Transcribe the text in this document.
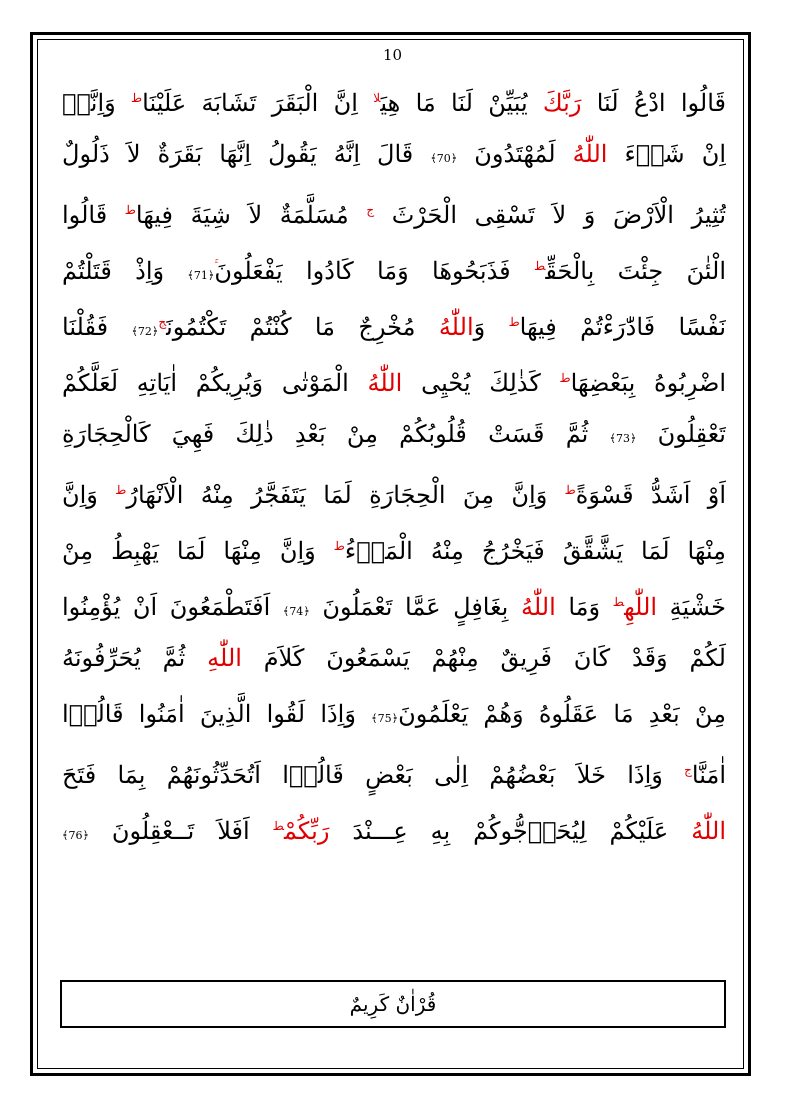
10
قَالُوا ادْعُ لَنَا رَبَّكَ يُبَيِّنْ لَنَا مَا هِيَ$^{لا}$ اِنَّ الْبَقَرَ تَشَابَهَ عَلَيْنَا$^ط$ وَاِنَّاۤ
اِنْ شَاۤءَ اللّٰهُ لَمُهْتَدُونَ ﴿70﴾ قَالَ اِنَّهُ يَقُولُ اِنَّهَا بَقَرَةٌ لاَ ذَلُولٌ
تُثِيرُ الْاَرْضَ وَ لاَ تَسْقِى الْحَرْثَ $^ج$ مُسَلَّمَةٌ لاَ شِيَةَ فِيهَا$^ط$ قَالُوا
الْئٰنَ جِئْتَ بِالْحَقِّ$^ط$ فَذَبَحُوهَا وَمَا كَادُوا يَفْعَلُونَ﴿71﴾ وَاِذْ قَتَلْتُمْ
نَفْسًا فَادّٰرَءْتُمْ فِيهَا$^ط$ وَاللّٰهُ مُخْرِجٌ مَا كُنْتُمْ تَكْتُمُونَ$^ج$﴿72﴾ فَقُلْنَا
اضْرِبُوهُ بِبَعْضِهَا$^ط$ كَذٰلِكَ يُحْيِى اللّٰهُ الْمَوْتٰى وَيُرِيكُمْ اٰيَاتِهِ لَعَلَّكُمْ
تَعْقِلُونَ ﴿73﴾ ثُمَّ قَسَتْ قُلُوبُكُمْ مِنْ بَعْدِ ذٰلِكَ فَهِيَ كَالْحِجَارَةِ
اَوْ اَشَدُّ قَسْوَةً$^ط$ وَاِنَّ مِنَ الْحِجَارَةِ لَمَا يَتَفَجَّرُ مِنْهُ الْاَنْهَارُ$^ط$ وَاِنَّ
مِنْهَا لَمَا يَشَّقَّقُ فَيَخْرُجُ مِنْهُ الْمَاۤءُ$^ط$ وَاِنَّ مِنْهَا لَمَا يَهْبِطُ مِنْ
خَشْيَةِ اللّٰهِ$^ط$ وَمَا اللّٰهُ بِغَافِلٍ عَمَّا تَعْمَلُونَ ﴿74﴾ اَفَتَطْمَعُونَ اَنْ يُؤْمِنُوا
لَكُمْ وَقَدْ كَانَ فَرِيقٌ مِنْهُمْ يَسْمَعُونَ كَلاَمَ اللّٰهِ ثُمَّ يُحَرِّفُونَهُ
مِنْ بَعْدِ مَا عَقَلُوهُ وَهُمْ يَعْلَمُونَ﴿75﴾ وَاِذَا لَقُوا الَّذِينَ اٰمَنُوا قَالُوۤا
اٰمَنَّا$^ج$ وَاِذَا خَلاَ بَعْضُهُمْ اِلٰى بَعْضٍ قَالُوۤا اَتُحَدِّثُونَهُمْ بِمَا فَتَحَ
اللّٰهُ عَلَيْكُمْ لِيُحَاۤجُّوكُمْ بِهِ عِـــنْدَ رَبِّكُمْ$^ط$ اَفَلاَ تَــعْقِلُونَ ﴿76﴾
قُرْاٰنٌ كَرِيمٌ
